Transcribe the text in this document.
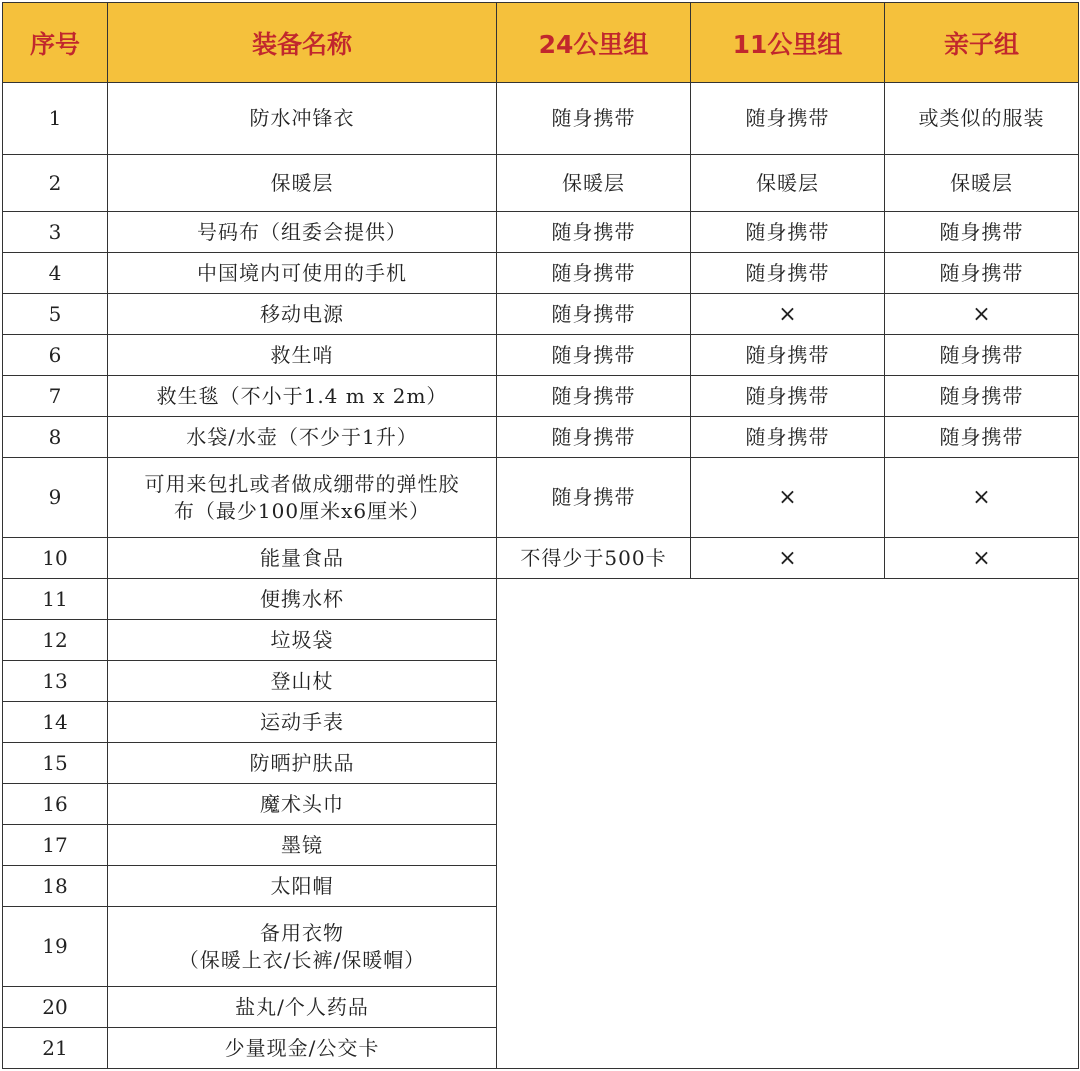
序号	装备名称	24公里组	11公里组	亲子组
1	防水冲锋衣	随身携带	随身携带	或类似的服装
2	保暖层	保暖层	保暖层	保暖层
3	号码布（组委会提供）	随身携带	随身携带	随身携带
4	中国境内可使用的手机	随身携带	随身携带	随身携带
5	移动电源	随身携带	×	×
6	救生哨	随身携带	随身携带	随身携带
7	救生毯（不小于1.4 m x 2m）	随身携带	随身携带	随身携带
8	水袋/水壶（不少于1升）	随身携带	随身携带	随身携带
9	可用来包扎或者做成绷带的弹性胶
布（最少100厘米x6厘米）	随身携带	×	×
10	能量食品	不得少于500卡	×	×
11	便携水杯			
12	垃圾袋			
13	登山杖			
14	运动手表			
15	防晒护肤品			
16	魔术头巾			
17	墨镜			
18	太阳帽			
19	备用衣物
（保暖上衣/长裤/保暖帽）			

20	盐丸/个人药品			
21	少量现金/公交卡			
